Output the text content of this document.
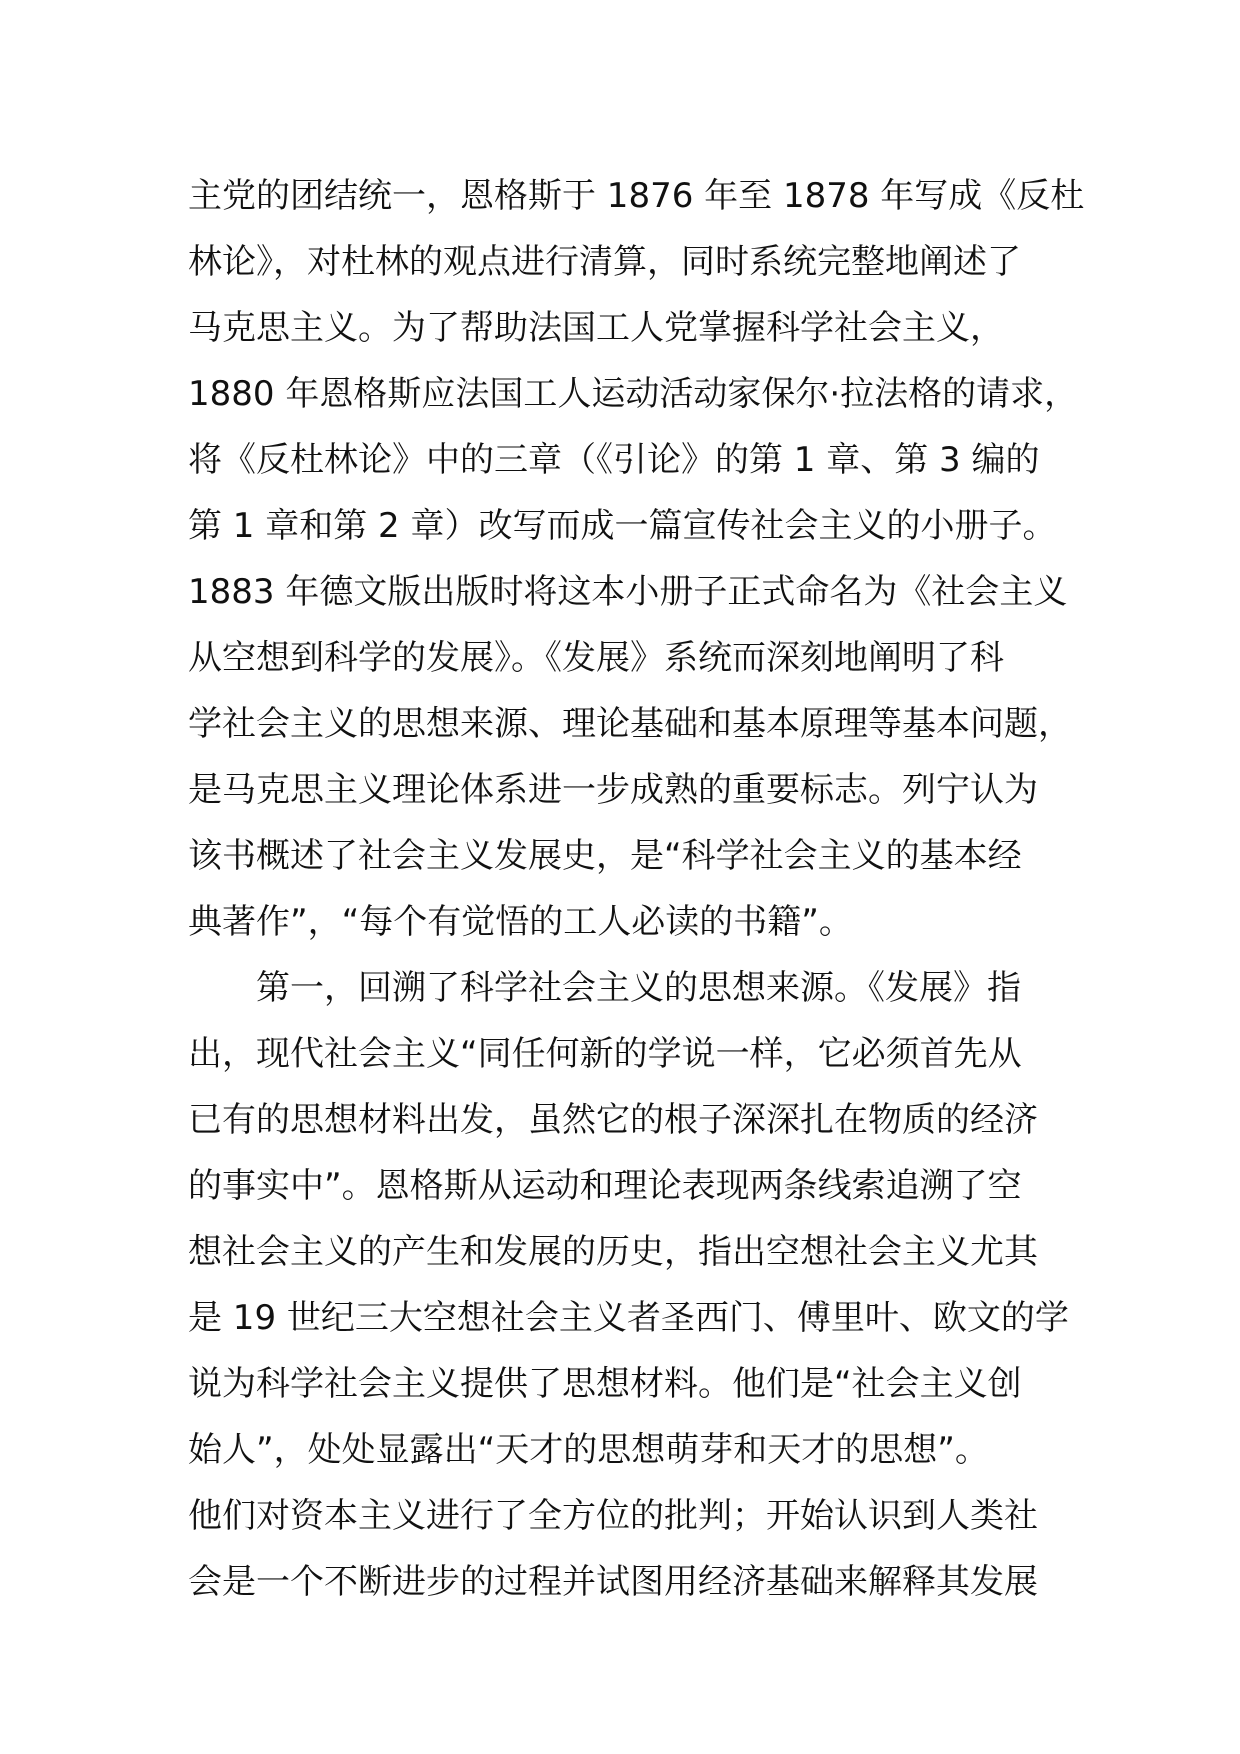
主党的团结统一，恩格斯于 1876 年至 1878 年写成《反杜
林论》，对杜林的观点进行清算，同时系统完整地阐述了
马克思主义。为了帮助法国工人党掌握科学社会主义，
1880 年恩格斯应法国工人运动活动家保尔·拉法格的请求，
将《反杜林论》中的三章（《引论》的第 1 章、第 3 编的
第 1 章和第 2 章）改写而成一篇宣传社会主义的小册子。
1883 年德文版出版时将这本小册子正式命名为《社会主义
从空想到科学的发展》。《发展》系统而深刻地阐明了科
学社会主义的思想来源、理论基础和基本原理等基本问题，
是马克思主义理论体系进一步成熟的重要标志。列宁认为
该书概述了社会主义发展史，是“科学社会主义的基本经
典著作”，“每个有觉悟的工人必读的书籍”。
第一，回溯了科学社会主义的思想来源。《发展》指
出，现代社会主义“同任何新的学说一样，它必须首先从
已有的思想材料出发，虽然它的根子深深扎在物质的经济
的事实中”。恩格斯从运动和理论表现两条线索追溯了空
想社会主义的产生和发展的历史，指出空想社会主义尤其
是 19 世纪三大空想社会主义者圣西门、傅里叶、欧文的学
说为科学社会主义提供了思想材料。他们是“社会主义创
始人”，处处显露出“天才的思想萌芽和天才的思想”。
他们对资本主义进行了全方位的批判；开始认识到人类社
会是一个不断进步的过程并试图用经济基础来解释其发展
